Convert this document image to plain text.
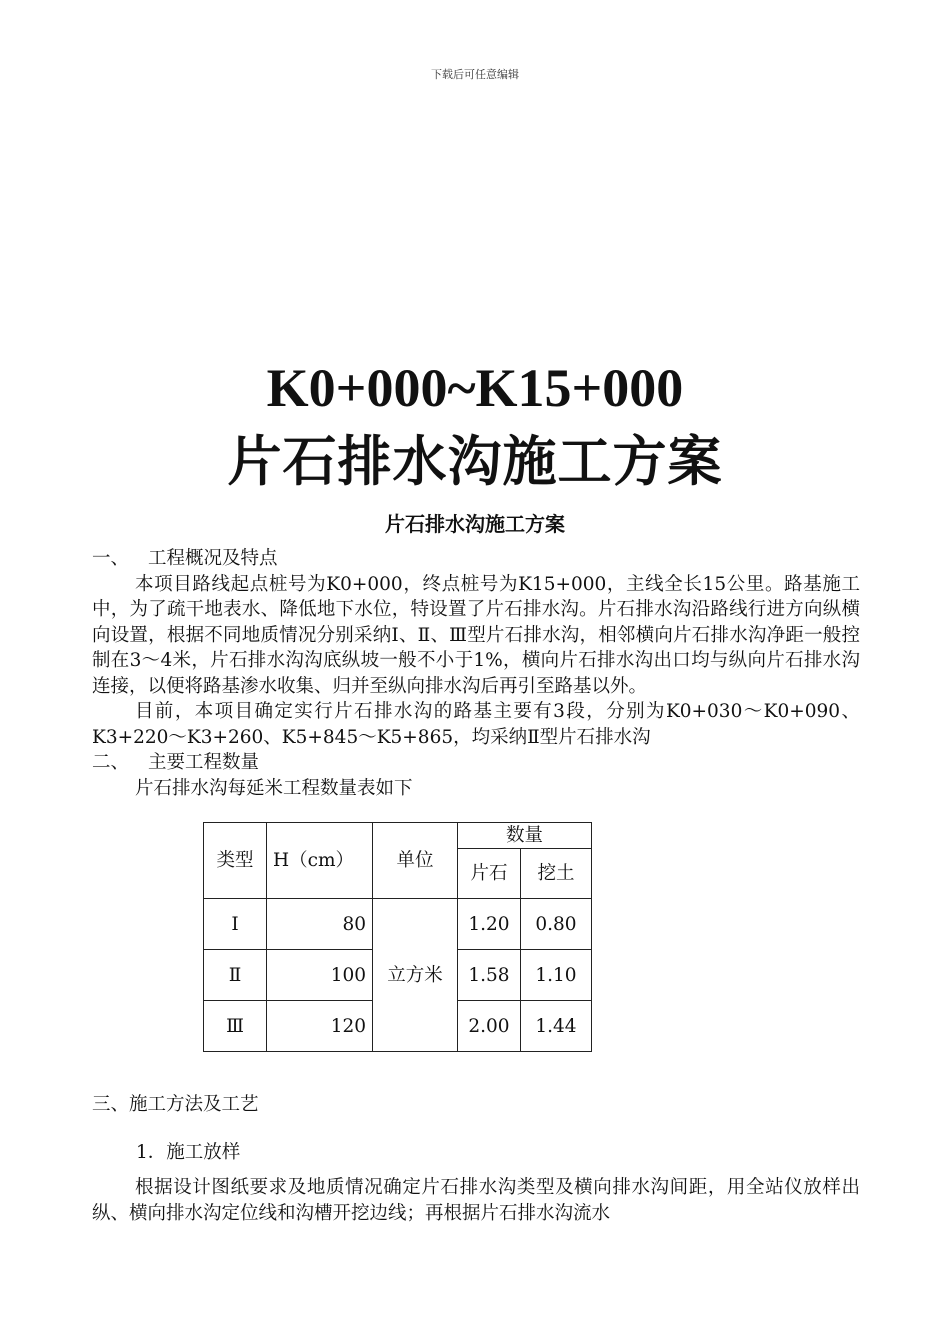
下载后可任意编辑
K0+000~K15+000
片石排水沟施工方案
片石排水沟施工方案

一、 工程概况及特点

本项目路线起点桩号为K0+000，终点桩号为K15+000，主线全长15公里。路基施工中，为了疏干地表水、降低地下水位，特设置了片石排水沟。片石排水沟沿路线行进方向纵横向设置，根据不同地质情况分别采纳Ⅰ、Ⅱ、Ⅲ型片石排水沟，相邻横向片石排水沟净距一般控制在3～4米，片石排水沟沟底纵坡一般不小于1%，横向片石排水沟出口均与纵向片石排水沟连接，以便将路基渗水收集、归并至纵向排水沟后再引至路基以外。

目前，本项目确定实行片石排水沟的路基主要有3段，分别为K0+030～K0+090、K3+220～K3+260、K5+845～K5+865，均采纳Ⅱ型片石排水沟

二、 主要工程数量

片石排水沟每延米工程数量表如下

类型	H（cm）	单位	数量	
			片石	挖土
Ⅰ	80	立方米	1.20	0.80
Ⅱ	100		1.58	1.10
Ⅲ	120		2.00	1.44

三、施工方法及工艺

1．施工放样

根据设计图纸要求及地质情况确定片石排水沟类型及横向排水沟间距，用全站仪放样出纵、横向排水沟定位线和沟槽开挖边线；再根据片石排水沟流水
